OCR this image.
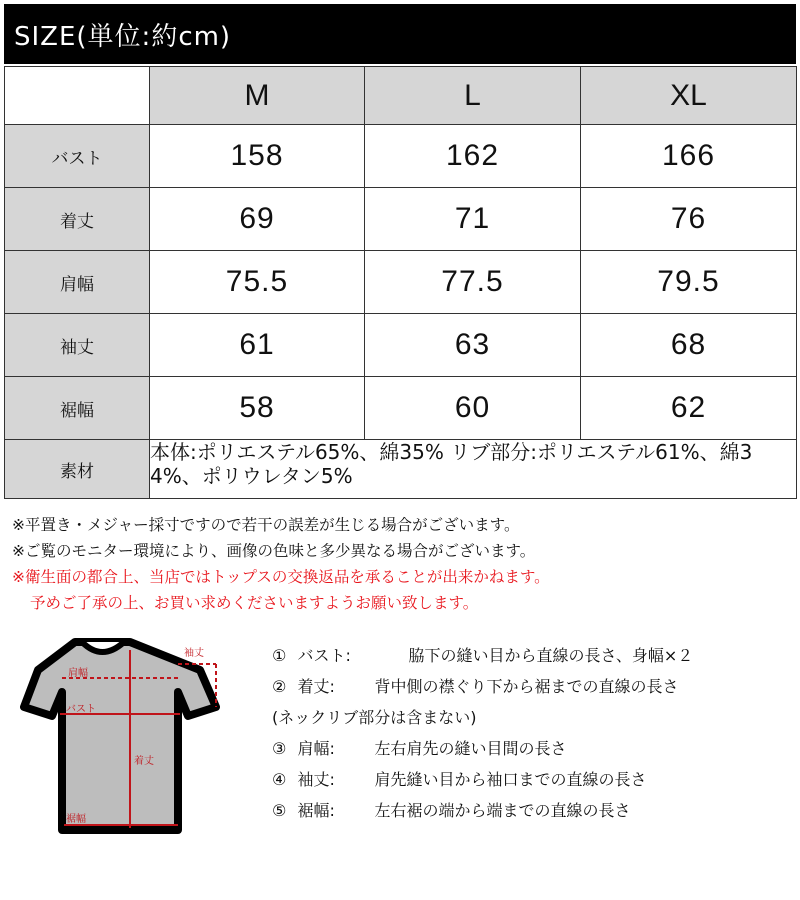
SIZE(単位:約cm)
	M	L	XL
バスト	158	162	166
着丈	69	71	76
肩幅	75.5	77.5	79.5
袖丈	61	63	68
裾幅	58	60	62
素材	本体:ポリエステル65%、綿35% リブ部分:ポリエステル61%、綿34%、ポリウレタン5%		
※平置き・メジャー採寸ですので若干の誤差が生じる場合がございます。
※ご覧のモニター環境により、画像の色味と多少異なる場合がございます。
※衛生面の都合上、当店ではトップスの交換返品を承ることが出来かねます。
予めご了承の上、お買い求めくださいますようお願い致します。
袖丈
肩幅
バスト
着丈
裾幅
① バスト:	脇下の縫い目から直線の長さ、身幅×２
② 着丈: 背中側の襟ぐり下から裾までの直線の長さ
(ネックリブ部分は含まない)
③ 肩幅: 左右肩先の縫い目間の長さ
④ 袖丈: 肩先縫い目から袖口までの直線の長さ
⑤ 裾幅: 左右裾の端から端までの直線の長さ
